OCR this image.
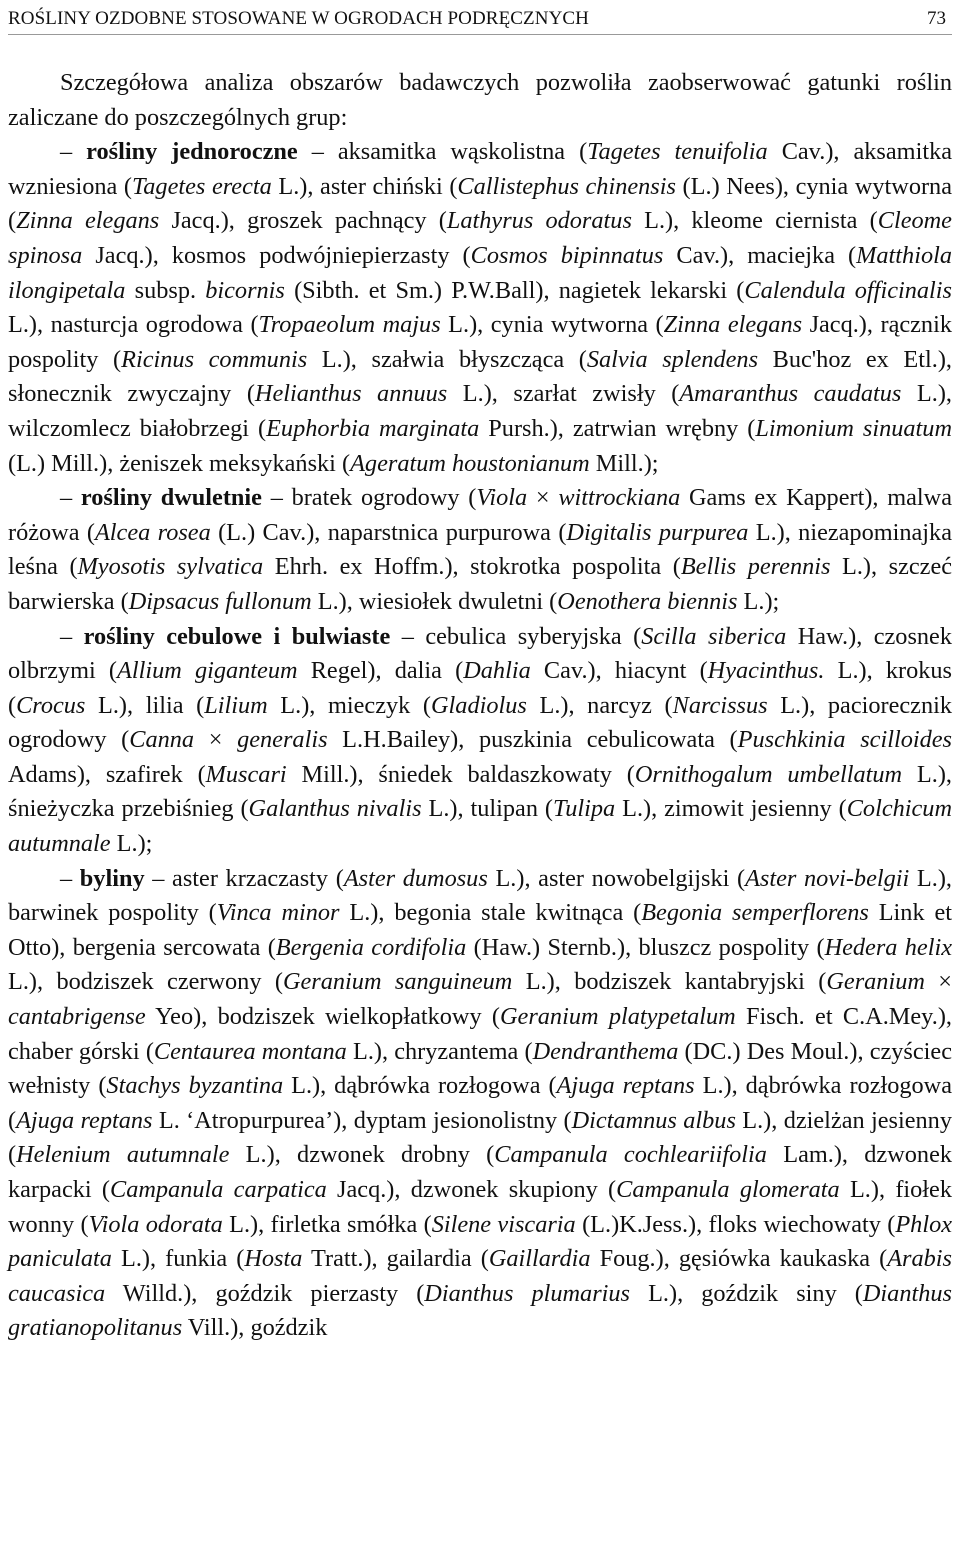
ROŚLINY OZDOBNE STOSOWANE W OGRODACH PODRĘCZNYCH	73

Szczegółowa analiza obszarów badawczych pozwoliła zaobserwować gatunki roślin zaliczane do poszczególnych grup:

– rośliny jednoroczne – aksamitka wąskolistna (Tagetes tenuifolia Cav.), aksamitka wzniesiona (Tagetes erecta L.), aster chiński (Callistephus chinensis (L.) Nees), cynia wytworna (Zinna elegans Jacq.), groszek pachnący (Lathyrus odoratus L.), kleome ciernista (Cleome spinosa Jacq.), kosmos podwójniepierzasty (Cosmos bipinnatus Cav.), maciejka (Matthiola ilongipetala subsp. bicornis (Sibth. et Sm.) P.W.Ball), nagietek lekarski (Calendula officinalis L.), nasturcja ogrodowa (Tropaeolum majus L.), cynia wytworna (Zinna elegans Jacq.), rącznik pospolity (Ricinus communis L.), szałwia błyszcząca (Salvia splendens Buc'hoz ex Etl.), słonecznik zwyczajny (Helianthus annuus L.), szarłat zwisły (Amaranthus caudatus L.), wilczomlecz białobrzegi (Euphorbia marginata Pursh.), zatrwian wrębny (Limonium sinuatum (L.) Mill.), żeniszek meksykański (Ageratum houstonianum Mill.);

– rośliny dwuletnie – bratek ogrodowy (Viola × wittrockiana Gams ex Kappert), malwa różowa (Alcea rosea (L.) Cav.), naparstnica purpurowa (Digitalis purpurea L.), niezapominajka leśna (Myosotis sylvatica Ehrh. ex Hoffm.), stokrotka pospolita (Bellis perennis L.), szczeć barwierska (Dipsacus fullonum L.), wiesiołek dwuletni (Oenothera biennis L.);

– rośliny cebulowe i bulwiaste – cebulica syberyjska (Scilla siberica Haw.), czosnek olbrzymi (Allium giganteum Regel), dalia (Dahlia Cav.), hiacynt (Hyacinthus. L.), krokus (Crocus L.), lilia (Lilium L.), mieczyk (Gladiolus L.), narcyz (Narcissus L.), paciorecznik ogrodowy (Canna × generalis L.H.Bailey), puszkinia cebulicowata (Puschkinia scilloides Adams), szafirek (Muscari Mill.), śniedek baldaszkowaty (Ornithogalum umbellatum L.), śnieżyczka przebiśnieg (Galanthus nivalis L.), tulipan (Tulipa L.), zimowit jesienny (Colchicum autumnale L.);

– byliny – aster krzaczasty (Aster dumosus L.), aster nowobelgijski (Aster novi-belgii L.), barwinek pospolity (Vinca minor L.), begonia stale kwitnąca (Begonia semperflorens Link et Otto), bergenia sercowata (Bergenia cordifolia (Haw.) Sternb.), bluszcz pospolity (Hedera helix L.), bodziszek czerwony (Geranium sanguineum L.), bodziszek kantabryjski (Geranium × cantabrigense Yeo), bodziszek wielkopłatkowy (Geranium platypetalum Fisch. et C.A.Mey.), chaber górski (Centaurea montana L.), chryzantema (Dendranthema (DC.) Des Moul.), czyściec wełnisty (Stachys byzantina L.), dąbrówka rozłogowa (Ajuga reptans L.), dąbrówka rozłogowa (Ajuga reptans L. ‘Atropurpurea’), dyptam jesionolistny (Dictamnus albus L.), dzielżan jesienny (Helenium autumnale L.), dzwonek drobny (Campanula cochleariifolia Lam.), dzwonek karpacki (Campanula carpatica Jacq.), dzwonek skupiony (Campanula glomerata L.), fiołek wonny (Viola odorata L.), firletka smółka (Silene viscaria (L.)K.Jess.), floks wiechowaty (Phlox paniculata L.), funkia (Hosta Tratt.), gailardia (Gaillardia Foug.), gęsiówka kaukaska (Arabis caucasica Willd.), goździk pierzasty (Dianthus plumarius L.), goździk siny (Dianthus gratianopolitanus Vill.), goździk
